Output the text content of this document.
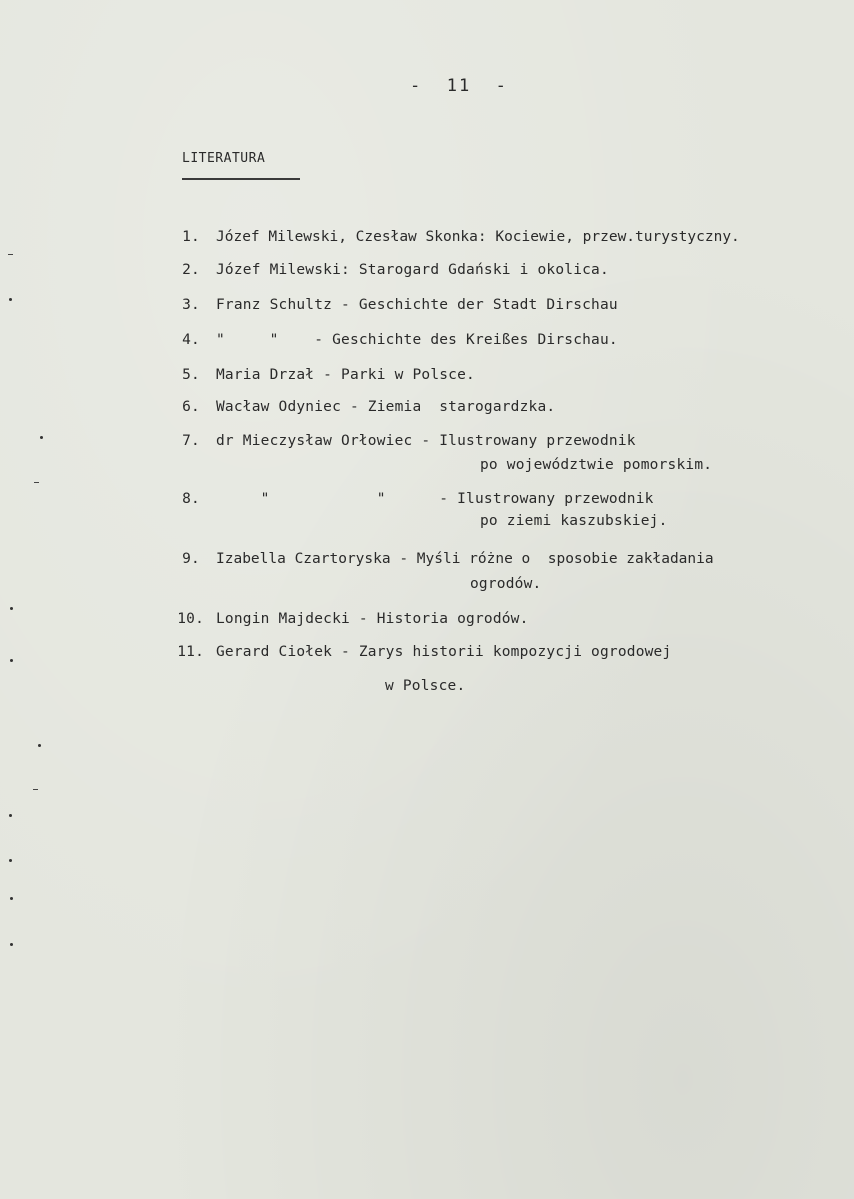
-  11  -
LITERATURA
1. Józef Milewski, Czesław Skonka: Kociewie, przew.turystyczny.
2. Józef Milewski: Starogard Gdański i okolica.
3. Franz Schultz - Geschichte der Stadt Dirschau
4. "     "    - Geschichte des Kreißes Dirschau.
5. Maria Drzał - Parki w Polsce.
6. Wacław Odyniec - Ziemia  starogardzka.
7. dr Mieczysław Orłowiec - Ilustrowany przewodnik
po województwie pomorskim.
8. "            "      - Ilustrowany przewodnik
po ziemi kaszubskiej.
9. Izabella Czartoryska - Myśli różne o  sposobie zakładania
ogrodów.
10. Longin Majdecki - Historia ogrodów.
11. Gerard Ciołek - Zarys historii kompozycji ogrodowej
w Polsce.
